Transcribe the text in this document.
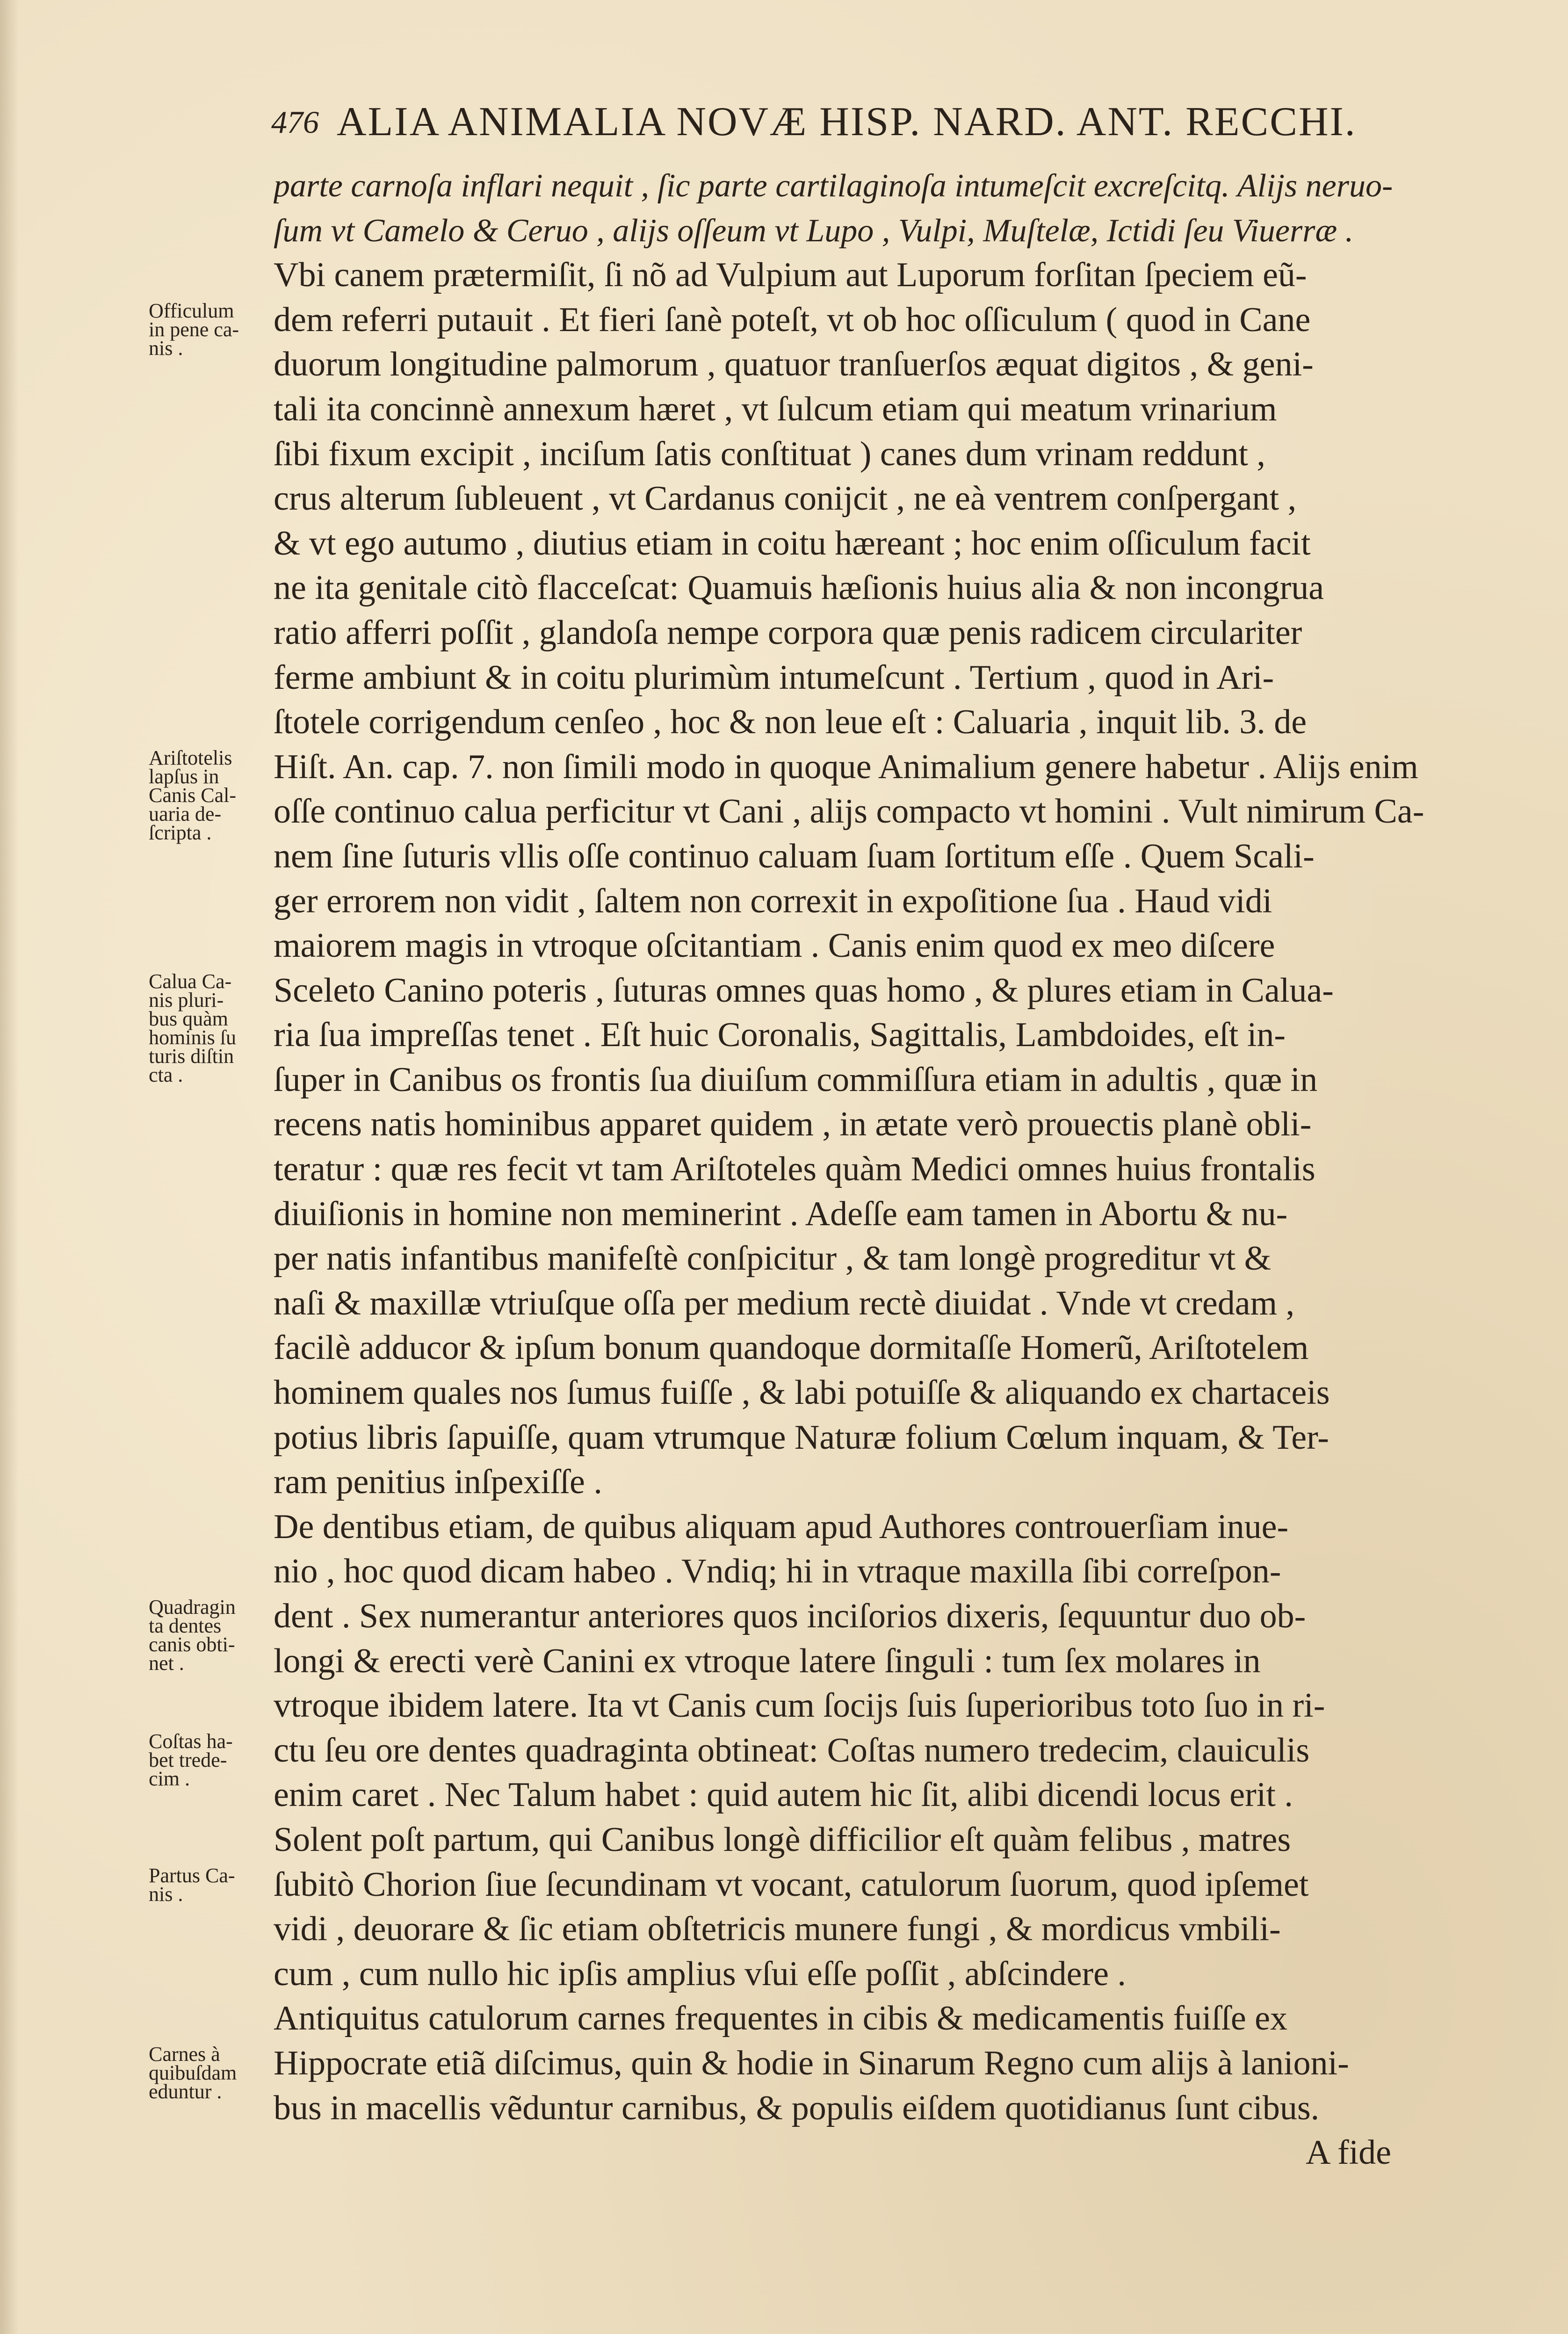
476 ALIA ANIMALIA NOVÆ HISP. NARD. ANT. RECCHI.
parte carnoſa inflari nequit , ſic parte cartilaginoſa intumeſcit excreſcitq. Alijs neruo-
ſum vt Camelo & Ceruo , alijs oſſeum vt Lupo , Vulpi, Muſtelæ, Ictidi ſeu Viuerræ .
Vbi canem prætermiſit, ſi nõ ad Vulpium aut Luporum forſitan ſpeciem eũ-
dem referri putauit . Et fieri ſanè poteſt, vt ob hoc oſſiculum ( quod in Cane
duorum longitudine palmorum , quatuor tranſuerſos æquat digitos , & geni-
tali ita concinnè annexum hæret , vt ſulcum etiam qui meatum vrinarium
ſibi fixum excipit , inciſum ſatis conſtituat ) canes dum vrinam reddunt ,
crus alterum ſubleuent , vt Cardanus conijcit , ne eà ventrem conſpergant ,
& vt ego autumo , diutius etiam in coitu hæreant ; hoc enim oſſiculum facit
ne ita genitale citò flacceſcat: Quamuis hæſionis huius alia & non incongrua
ratio afferri poſſit , glandoſa nempe corpora quæ penis radicem circulariter
ferme ambiunt & in coitu plurimùm intumeſcunt . Tertium , quod in Ari-
ſtotele corrigendum cenſeo , hoc & non leue eſt : Caluaria , inquit lib. 3. de
Hiſt. An. cap. 7. non ſimili modo in quoque Animalium genere habetur . Alijs enim
oſſe continuo calua perficitur vt Cani , alijs compacto vt homini . Vult nimirum Ca-
nem ſine ſuturis vllis oſſe continuo caluam ſuam ſortitum eſſe . Quem Scali-
ger errorem non vidit , ſaltem non correxit in expoſitione ſua . Haud vidi
maiorem magis in vtroque oſcitantiam . Canis enim quod ex meo diſcere
Sceleto Canino poteris , ſuturas omnes quas homo , & plures etiam in Calua-
ria ſua impreſſas tenet . Eſt huic Coronalis, Sagittalis, Lambdoides, eſt in-
ſuper in Canibus os frontis ſua diuiſum commiſſura etiam in adultis , quæ in
recens natis hominibus apparet quidem , in ætate verò prouectis planè obli-
teratur : quæ res fecit vt tam Ariſtoteles quàm Medici omnes huius frontalis
diuiſionis in homine non meminerint . Adeſſe eam tamen in Abortu & nu-
per natis infantibus manifeſtè conſpicitur , & tam longè progreditur vt &
naſi & maxillæ vtriuſque oſſa per medium rectè diuidat . Vnde vt credam ,
facilè adducor & ipſum bonum quandoque dormitaſſe Homerũ, Ariſtotelem
hominem quales nos ſumus fuiſſe , & labi potuiſſe & aliquando ex chartaceis
potius libris ſapuiſſe, quam vtrumque Naturæ folium Cœlum inquam, & Ter-
ram penitius inſpexiſſe .
De dentibus etiam, de quibus aliquam apud Authores controuerſiam inue-
nio , hoc quod dicam habeo . Vndiq; hi in vtraque maxilla ſibi correſpon-
dent . Sex numerantur anteriores quos inciſorios dixeris, ſequuntur duo ob-
longi & erecti verè Canini ex vtroque latere ſinguli : tum ſex molares in
vtroque ibidem latere. Ita vt Canis cum ſocijs ſuis ſuperioribus toto ſuo in ri-
ctu ſeu ore dentes quadraginta obtineat: Coſtas numero tredecim, clauiculis
enim caret . Nec Talum habet : quid autem hic ſit, alibi dicendi locus erit .
Solent poſt partum, qui Canibus longè difficilior eſt quàm felibus , matres
ſubitò Chorion ſiue ſecundinam vt vocant, catulorum ſuorum, quod ipſemet
vidi , deuorare & ſic etiam obſtetricis munere fungi , & mordicus vmbili-
cum , cum nullo hic ipſis amplius vſui eſſe poſſit , abſcindere .
Antiquitus catulorum carnes frequentes in cibis & medicamentis fuiſſe ex
Hippocrate etiã diſcimus, quin & hodie in Sinarum Regno cum alijs à lanioni-
bus in macellis vẽduntur carnibus, & populis eiſdem quotidianus ſunt cibus.
A fide
Officulum
in pene ca-
nis .
Ariſtotelis
lapſus in
Canis Cal-
uaria de-
ſcripta .
Calua Ca-
nis pluri-
bus quàm
hominis ſu
turis diſtin
cta .
Quadragin
ta dentes
canis obti-
net .
Coſtas ha-
bet trede-
cim .
Partus Ca-
nis .
Carnes à
quibuſdam
eduntur .
